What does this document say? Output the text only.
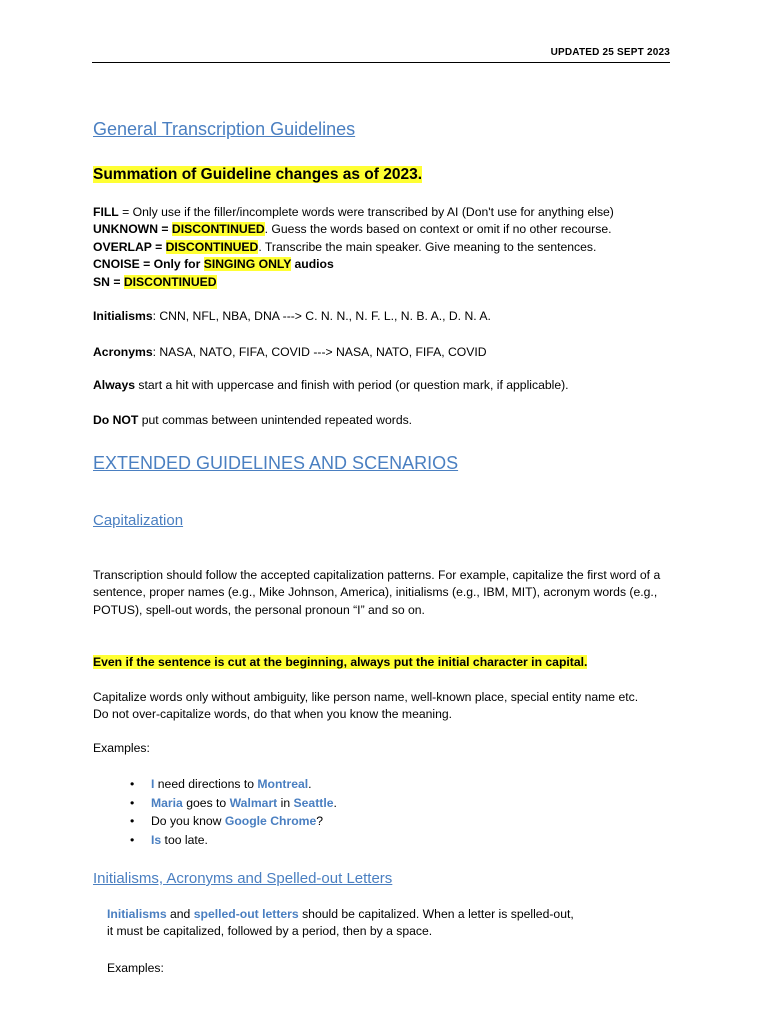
UPDATED 25 SEPT 2023
General Transcription Guidelines
Summation of Guideline changes as of 2023.
FILL = Only use if the filler/incomplete words were transcribed by AI (Don't use for anything else)
UNKNOWN = DISCONTINUED. Guess the words based on context or omit if no other recourse.
OVERLAP = DISCONTINUED. Transcribe the main speaker. Give meaning to the sentences.
CNOISE = Only for SINGING ONLY audios
SN = DISCONTINUED
Initialisms: CNN, NFL, NBA, DNA ---> C. N. N., N. F. L., N. B. A., D. N. A.
Acronyms: NASA, NATO, FIFA, COVID ---> NASA, NATO, FIFA, COVID
Always start a hit with uppercase and finish with period (or question mark, if applicable).
Do NOT put commas between unintended repeated words.
EXTENDED GUIDELINES AND SCENARIOS
Capitalization
Transcription should follow the accepted capitalization patterns. For example, capitalize the first word of a sentence, proper names (e.g., Mike Johnson, America), initialisms (e.g., IBM, MIT), acronym words (e.g., POTUS), spell-out words, the personal pronoun “I” and so on.
Even if the sentence is cut at the beginning, always put the initial character in capital.
Capitalize words only without ambiguity, like person name, well-known place, special entity name etc.
Do not over-capitalize words, do that when you know the meaning.
Examples:
• I need directions to Montreal.
• Maria goes to Walmart in Seattle.
• Do you know Google Chrome?
• Is too late.
Initialisms, Acronyms and Spelled-out Letters
Initialisms and spelled-out letters should be capitalized. When a letter is spelled-out,
it must be capitalized, followed by a period, then by a space.
Examples:
